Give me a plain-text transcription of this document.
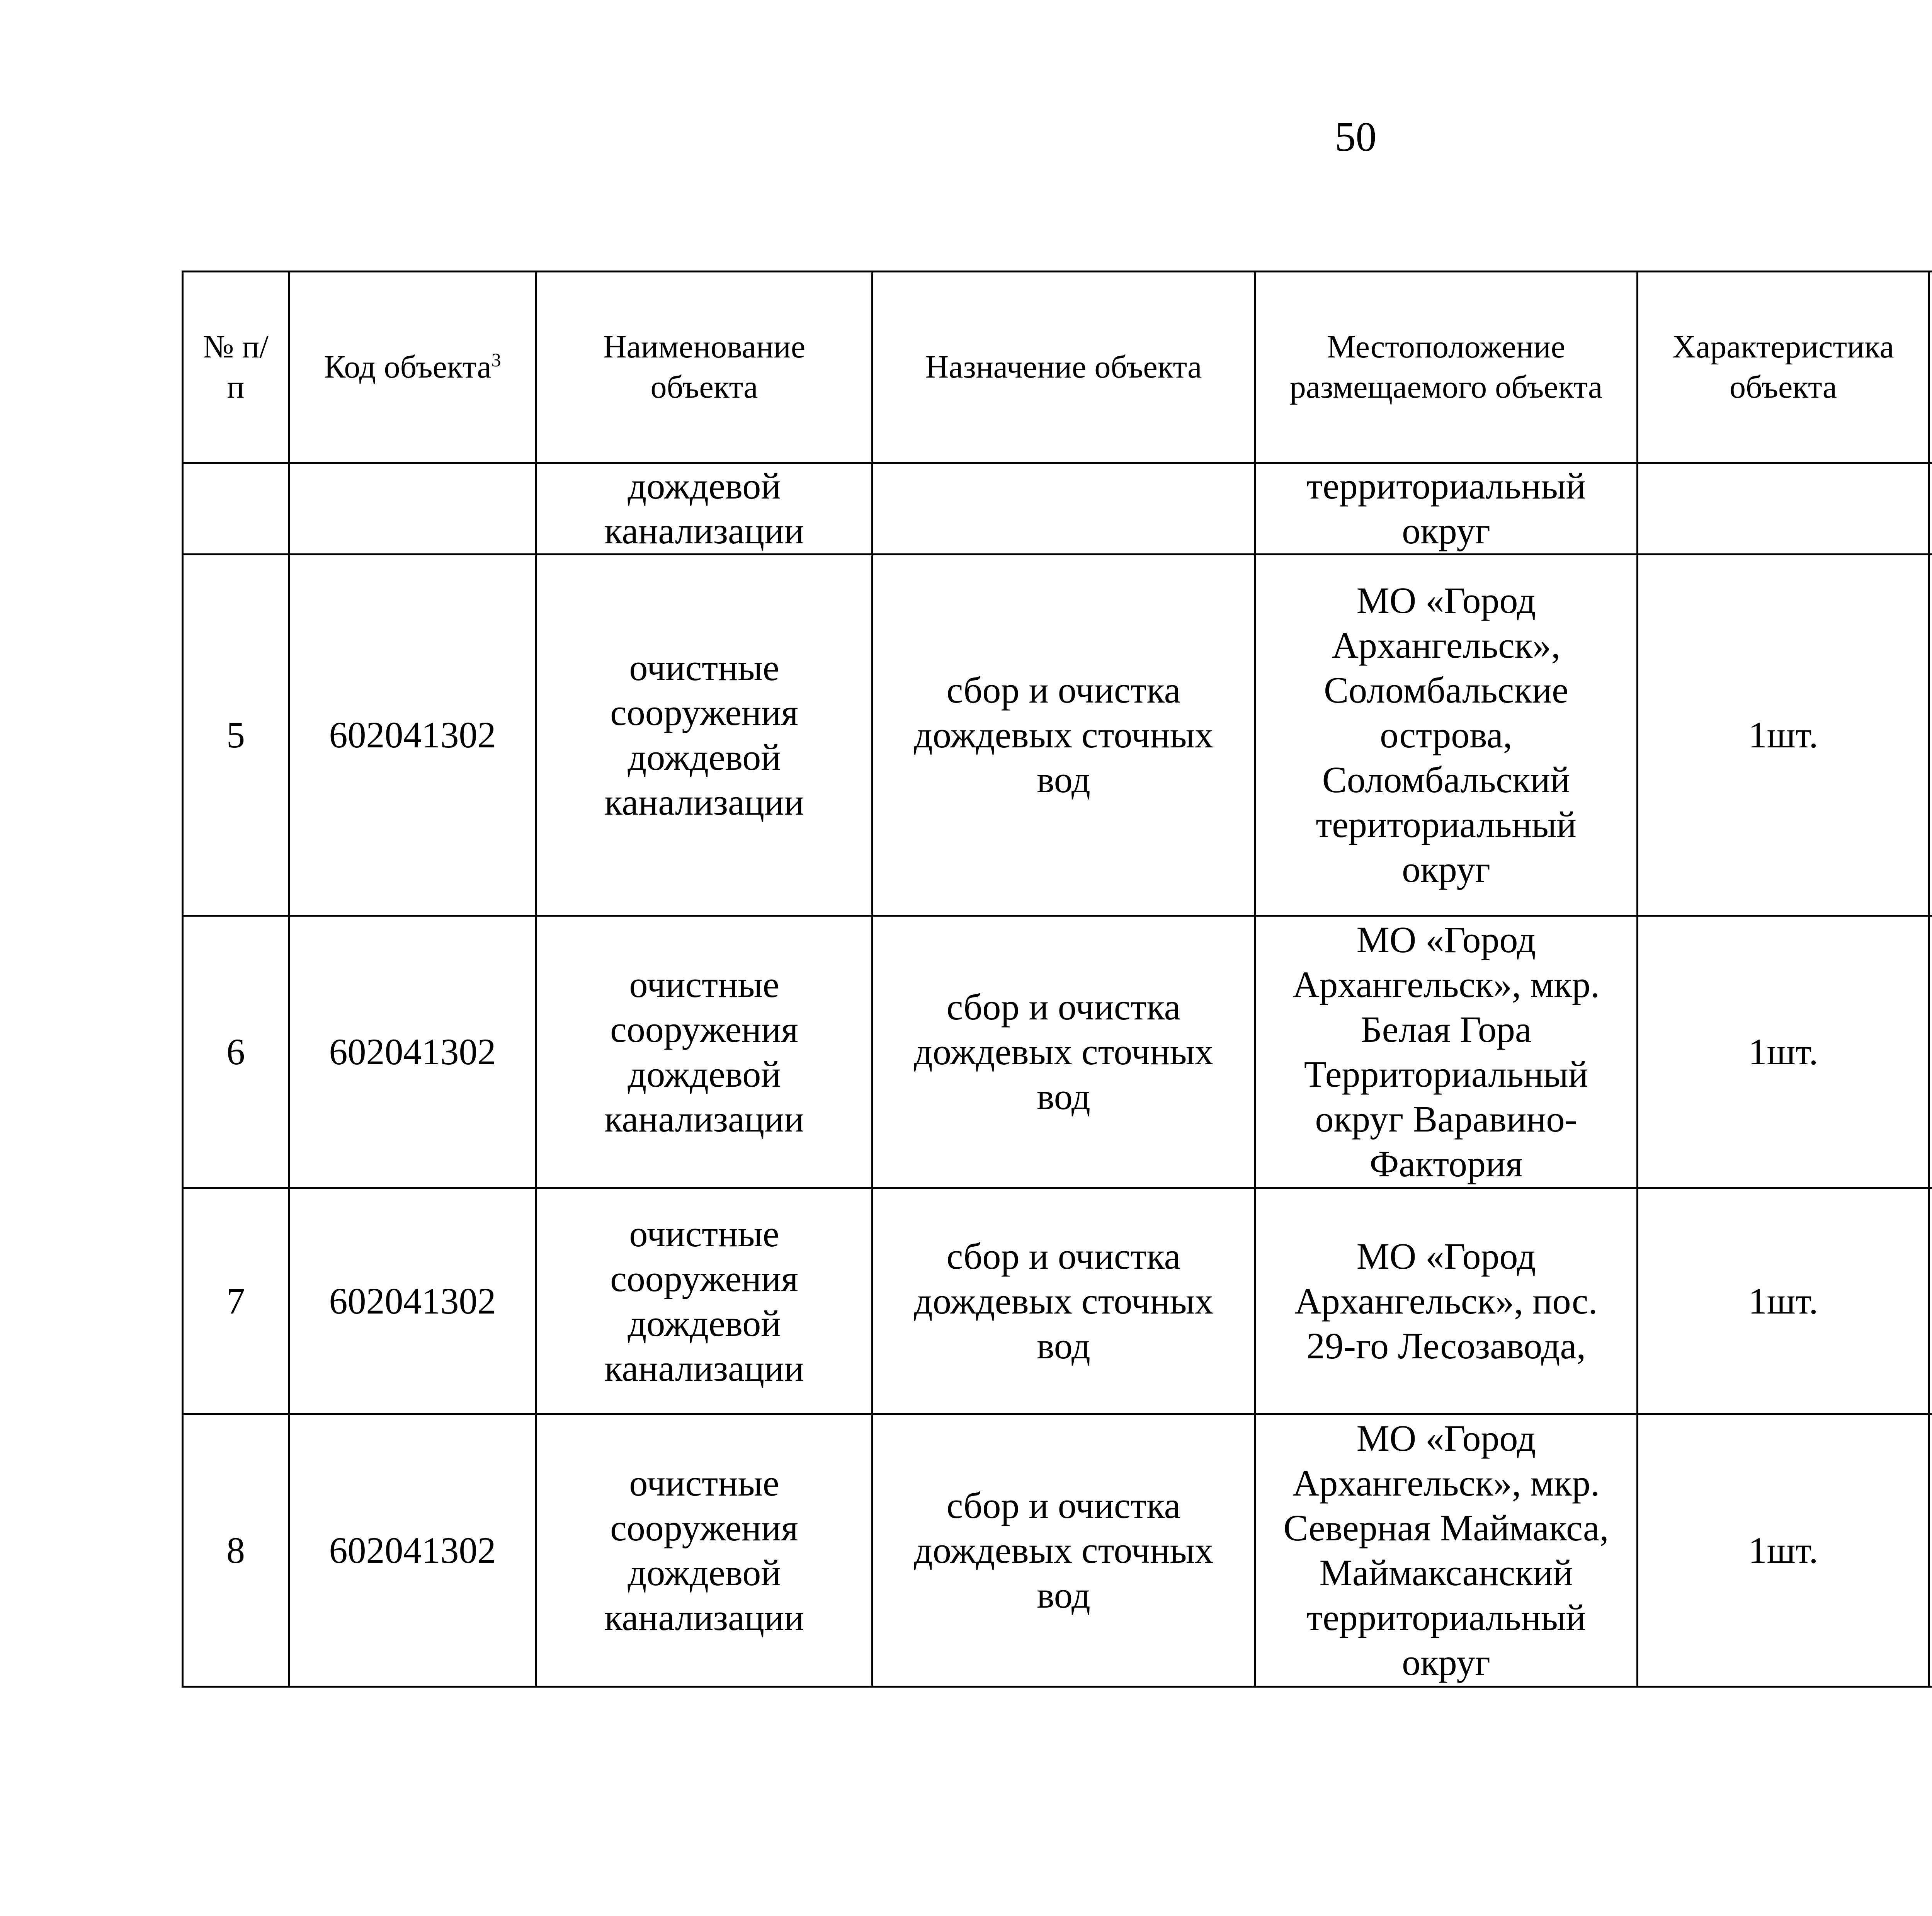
50
№ п/п	Код объекта$^3$	Наименование объекта	Назначение объекта	Местоположение размещаемого объекта	Характеристика объекта	
		дождевой канализации		территориальный округ		
5	602041302	очистные сооружения дождевой канализации	сбор и очистка дождевых сточных вод	МО «Город Архангельск», Соломбальские острова, Соломбальский териториальный округ	1шт.	
6	602041302	очистные сооружения дождевой канализации	сбор и очистка дождевых сточных вод	МО «Город Архангельск», мкр. Белая Гора Территориальный округ Варавино-Фактория	1шт.	
7	602041302	очистные сооружения дождевой канализации	сбор и очистка дождевых сточных вод	МО «Город Архангельск», пос. 29-го Лесозавода,	1шт.	
8	602041302	очистные сооружения дождевой канализации	сбор и очистка дождевых сточных вод	МО «Город Архангельск», мкр. Северная Маймакса, Маймаксанский территориальный округ	1шт.	
